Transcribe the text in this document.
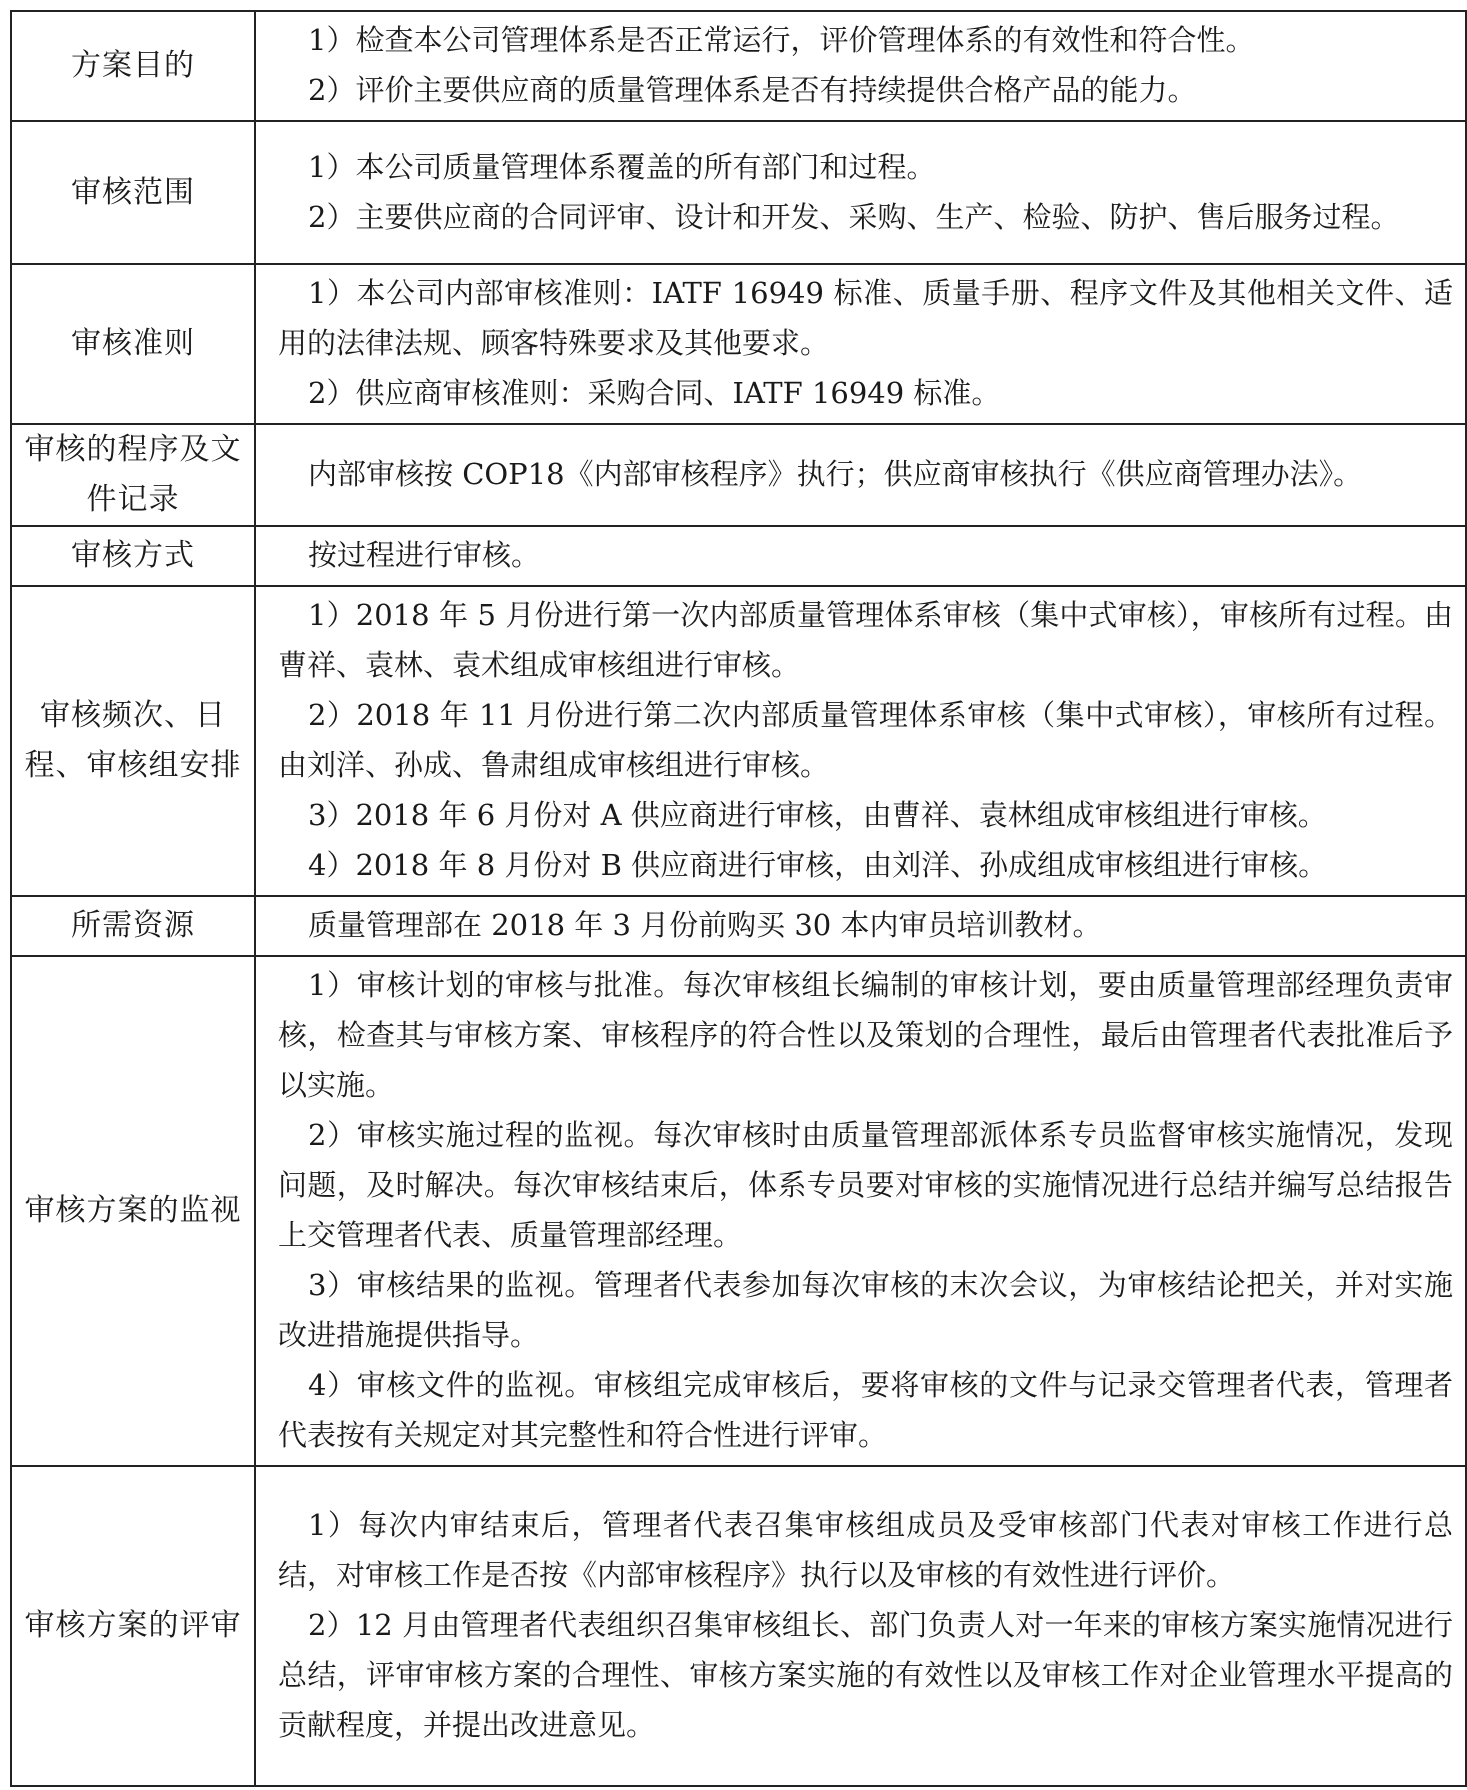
方案目的	1）检查本公司管理体系是否正常运行，评价管理体系的有效性和符合性。

2）评价主要供应商的质量管理体系是否有持续提供合格产品的能力。

审核范围	1）本公司质量管理体系覆盖的所有部门和过程。

2）主要供应商的合同评审、设计和开发、采购、生产、检验、防护、售后服务过程。

审核准则	1）本公司内部审核准则：IATF 16949 标准、质量手册、程序文件及其他相关文件、适用的法律法规、顾客特殊要求及其他要求。

2）供应商审核准则：采购合同、IATF 16949 标准。

审核的程序及文件记录	内部审核按 COP18《内部审核程序》执行；供应商审核执行《供应商管理办法》。

审核方式	按过程进行审核。

审核频次、日程、审核组安排	1）2018 年 5 月份进行第一次内部质量管理体系审核（集中式审核），审核所有过程。由曹祥、袁林、袁术组成审核组进行审核。

2）2018 年 11 月份进行第二次内部质量管理体系审核（集中式审核），审核所有过程。由刘洋、孙成、鲁肃组成审核组进行审核。

3）2018 年 6 月份对 A 供应商进行审核，由曹祥、袁林组成审核组进行审核。

4）2018 年 8 月份对 B 供应商进行审核，由刘洋、孙成组成审核组进行审核。

所需资源	质量管理部在 2018 年 3 月份前购买 30 本内审员培训教材。

审核方案的监视	1）审核计划的审核与批准。每次审核组长编制的审核计划，要由质量管理部经理负责审核，检查其与审核方案、审核程序的符合性以及策划的合理性，最后由管理者代表批准后予以实施。

2）审核实施过程的监视。每次审核时由质量管理部派体系专员监督审核实施情况，发现问题，及时解决。每次审核结束后，体系专员要对审核的实施情况进行总结并编写总结报告上交管理者代表、质量管理部经理。

3）审核结果的监视。管理者代表参加每次审核的末次会议，为审核结论把关，并对实施改进措施提供指导。

4）审核文件的监视。审核组完成审核后，要将审核的文件与记录交管理者代表，管理者代表按有关规定对其完整性和符合性进行评审。

审核方案的评审	1）每次内审结束后，管理者代表召集审核组成员及受审核部门代表对审核工作进行总结，对审核工作是否按《内部审核程序》执行以及审核的有效性进行评价。

2）12 月由管理者代表组织召集审核组长、部门负责人对一年来的审核方案实施情况进行总结，评审审核方案的合理性、审核方案实施的有效性以及审核工作对企业管理水平提高的贡献程度，并提出改进意见。
